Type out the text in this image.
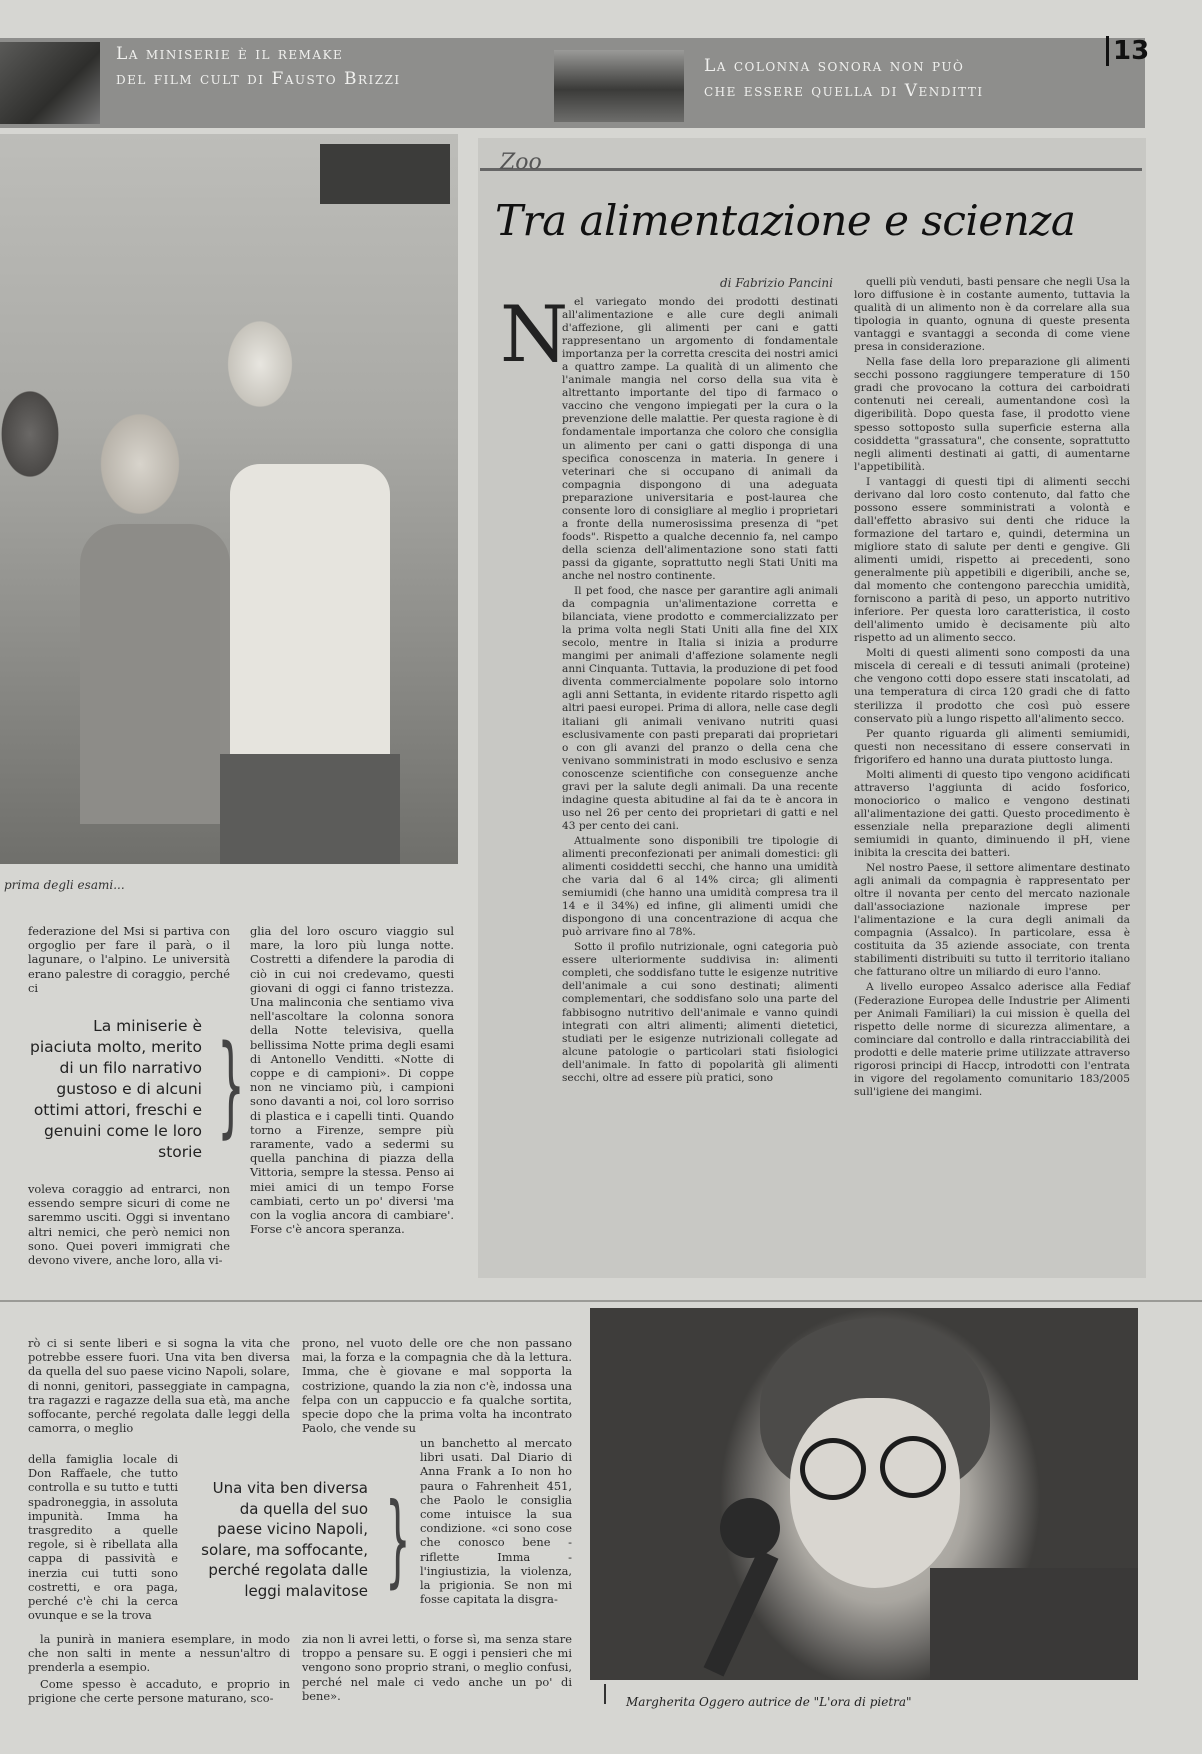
La miniserie è il remake
del film cult di Fausto Brizzi
La colonna sonora non può
che essere quella di Venditti
13
prima degli esami...
federazione del Msi si partiva con orgoglio per fare il parà, o il lagunare, o l'alpino. Le università erano palestre di coraggio, perché ci
La miniserie è piaciuta molto, merito di un filo narrativo gustoso e di alcuni ottimi attori, freschi e genuini come le loro storie
}
voleva coraggio ad entrarci, non essendo sempre sicuri di come ne saremmo usciti. Oggi si inventano altri nemici, che però nemici non sono. Quei poveri immigrati che devono vivere, anche loro, alla vi-
glia del loro oscuro viaggio sul mare, la loro più lunga notte. Costretti a difendere la parodia di ciò in cui noi credevamo, questi giovani di oggi ci fanno tristezza. Una malinconia che sentiamo viva nell'ascoltare la colonna sonora della Notte televisiva, quella bellissima Notte prima degli esami di Antonello Venditti. «Notte di coppe e di campioni». Di coppe non ne vinciamo più, i campioni sono davanti a noi, col loro sorriso di plastica e i capelli tinti. Quando torno a Firenze, sempre più raramente, vado a sedermi su quella panchina di piazza della Vittoria, sempre la stessa. Penso ai miei amici di un tempo Forse cambiati, certo un po' diversi 'ma con la voglia ancora di cambiare'. Forse c'è ancora speranza.
Zoo
Tra alimentazione e scienza
di Fabrizio Pancini
N el variegato mondo dei prodotti destinati all'alimentazione e alle cure degli animali d'affezione, gli alimenti per cani e gatti rappresentano un argomento di fondamentale importanza per la corretta crescita dei nostri amici a quattro zampe. La qualità di un alimento che l'animale mangia nel corso della sua vita è altrettanto importante del tipo di farmaco o vaccino che vengono impiegati per la cura o la prevenzione delle malattie. Per questa ragione è di fondamentale importanza che coloro che consiglia un alimento per cani o gatti disponga di una specifica conoscenza in materia. In genere i veterinari che si occupano di animali da compagnia dispongono di una adeguata preparazione universitaria e post-laurea che consente loro di consigliare al meglio i proprietari a fronte della numerosissima presenza di "pet foods". Rispetto a qualche decennio fa, nel campo della scienza dell'alimentazione sono stati fatti passi da gigante, soprattutto negli Stati Uniti ma anche nel nostro continente.

Il pet food, che nasce per garantire agli animali da compagnia un'alimentazione corretta e bilanciata, viene prodotto e commercializzato per la prima volta negli Stati Uniti alla fine del XIX secolo, mentre in Italia si inizia a produrre mangimi per animali d'affezione solamente negli anni Cinquanta. Tuttavia, la produzione di pet food diventa commercialmente popolare solo intorno agli anni Settanta, in evidente ritardo rispetto agli altri paesi europei. Prima di allora, nelle case degli italiani gli animali venivano nutriti quasi esclusivamente con pasti preparati dai proprietari o con gli avanzi del pranzo o della cena che venivano somministrati in modo esclusivo e senza conoscenze scientifiche con conseguenze anche gravi per la salute degli animali. Da una recente indagine questa abitudine al fai da te è ancora in uso nel 26 per cento dei proprietari di gatti e nel 43 per cento dei cani.

Attualmente sono disponibili tre tipologie di alimenti preconfezionati per animali domestici: gli alimenti cosiddetti secchi, che hanno una umidità che varia dal 6 al 14% circa; gli alimenti semiumidi (che hanno una umidità compresa tra il 14 e il 34%) ed infine, gli alimenti umidi che dispongono di una concentrazione di acqua che può arrivare fino al 78%.

Sotto il profilo nutrizionale, ogni categoria può essere ulteriormente suddivisa in: alimenti completi, che soddisfano tutte le esigenze nutritive dell'animale a cui sono destinati; alimenti complementari, che soddisfano solo una parte del fabbisogno nutritivo dell'animale e vanno quindi integrati con altri alimenti; alimenti dietetici, studiati per le esigenze nutrizionali collegate ad alcune patologie o particolari stati fisiologici dell'animale. In fatto di popolarità gli alimenti secchi, oltre ad essere più pratici, sono

quelli più venduti, basti pensare che negli Usa la loro diffusione è in costante aumento, tuttavia la qualità di un alimento non è da correlare alla sua tipologia in quanto, ognuna di queste presenta vantaggi e svantaggi a seconda di come viene presa in considerazione.

Nella fase della loro preparazione gli alimenti secchi possono raggiungere temperature di 150 gradi che provocano la cottura dei carboidrati contenuti nei cereali, aumentandone così la digeribilità. Dopo questa fase, il prodotto viene spesso sottoposto sulla superficie esterna alla cosiddetta "grassatura", che consente, soprattutto negli alimenti destinati ai gatti, di aumentarne l'appetibilità.

I vantaggi di questi tipi di alimenti secchi derivano dal loro costo contenuto, dal fatto che possono essere somministrati a volontà e dall'effetto abrasivo sui denti che riduce la formazione del tartaro e, quindi, determina un migliore stato di salute per denti e gengive. Gli alimenti umidi, rispetto ai precedenti, sono generalmente più appetibili e digeribili, anche se, dal momento che contengono parecchia umidità, forniscono a parità di peso, un apporto nutritivo inferiore. Per questa loro caratteristica, il costo dell'alimento umido è decisamente più alto rispetto ad un alimento secco.

Molti di questi alimenti sono composti da una miscela di cereali e di tessuti animali (proteine) che vengono cotti dopo essere stati inscatolati, ad una temperatura di circa 120 gradi che di fatto sterilizza il prodotto che così può essere conservato più a lungo rispetto all'alimento secco.

Per quanto riguarda gli alimenti semiumidi, questi non necessitano di essere conservati in frigorifero ed hanno una durata piuttosto lunga.

Molti alimenti di questo tipo vengono acidificati attraverso l'aggiunta di acido fosforico, monociorico o malico e vengono destinati all'alimentazione dei gatti. Questo procedimento è essenziale nella preparazione degli alimenti semiumidi in quanto, diminuendo il pH, viene inibita la crescita dei batteri.

Nel nostro Paese, il settore alimentare destinato agli animali da compagnia è rappresentato per oltre il novanta per cento del mercato nazionale dall'associazione nazionale imprese per l'alimentazione e la cura degli animali da compagnia (Assalco). In particolare, essa è costituita da 35 aziende associate, con trenta stabilimenti distribuiti su tutto il territorio italiano che fatturano oltre un miliardo di euro l'anno.

A livello europeo Assalco aderisce alla Fediaf (Federazione Europea delle Industrie per Alimenti per Animali Familiari) la cui mission è quella del rispetto delle norme di sicurezza alimentare, a cominciare dal controllo e dalla rintracciabilità dei prodotti e delle materie prime utilizzate attraverso rigorosi principi di Haccp, introdotti con l'entrata in vigore del regolamento comunitario 183/2005 sull'igiene dei mangimi.

rò ci si sente liberi e si sogna la vita che potrebbe essere fuori. Una vita ben diversa da quella del suo paese vicino Napoli, solare, di nonni, genitori, passeggiate in campagna, tra ragazzi e ragazze della sua età, ma anche soffocante, perché regolata dalle leggi della camorra, o meglio
della famiglia locale di Don Raffaele, che tutto controlla e su tutto e tutti spadroneggia, in assoluta impunità. Imma ha trasgredito a quelle regole, si è ribellata alla cappa di passività e inerzia cui tutti sono costretti, e ora paga, perché c'è chi la cerca ovunque e se la trova

la punirà in maniera esemplare, in modo che non salti in mente a nessun'altro di prenderla a esempio.

Come spesso è accaduto, e proprio in prigione che certe persone maturano, sco-

Una vita ben diversa da quella del suo paese vicino Napoli, solare, ma soffocante, perché regolata dalle leggi malavitose }
prono, nel vuoto delle ore che non passano mai, la forza e la compagnia che dà la lettura. Imma, che è giovane e mal sopporta la costrizione, quando la zia non c'è, indossa una felpa con un cappuccio e fa qualche sortita, specie dopo che la prima volta ha incontrato Paolo, che vende su
un banchetto al mercato libri usati. Dal Diario di Anna Frank a Io non ho paura o Fahrenheit 451, che Paolo le consiglia come intuisce la sua condizione. «ci sono cose che conosco bene - riflette Imma - l'ingiustizia, la violenza, la prigionia. Se non mi fosse capitata la disgra-
zia non li avrei letti, o forse sì, ma senza stare troppo a pensare su. E oggi i pensieri che mi vengono sono proprio strani, o meglio confusi, perché nel male ci vedo anche un po' di bene».	Margherita Oggero autrice de "L'ora di pietra"
